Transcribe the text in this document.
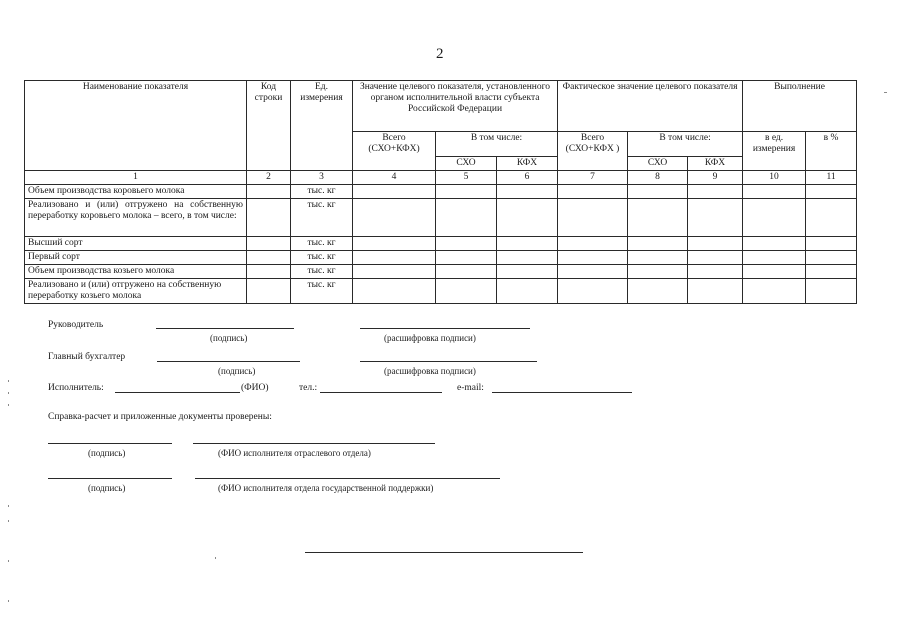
2
Наименование показателя	Код строки	Ед. измерения	Значение целевого показателя, установленного органом исполнительной власти субъекта Российской Федерации			Фактическое значение целевого показателя			Выполнение	
			Всего (СХО+КФХ)	В том числе:		Всего (СХО+КФХ )	В том числе:		в ед. измерения	в %
				СХО	КФХ		СХО	КФХ		
1	2	3	4	5	6	7	8	9	10	11
Объем производства коровьего молока		тыс. кг								
Реализовано и (или) отгружено на собственную переработку коровьего молока – всего, в том числе:		тыс. кг								
Высший сорт		тыс. кг								
Первый сорт		тыс. кг								
Объем производства козьего молока		тыс. кг								
Реализовано и (или) отгружено на собственную переработку козьего молока		тыс. кг								
Руководитель
(подпись)	(расшифровка подписи)
Главный бухгалтер
(подпись)	(расшифровка подписи)
Исполнитель:	(ФИО)	тел.:	e-mail:
Справка-расчет и приложенные документы проверены:
(подпись)	(ФИО исполнителя отраслевого отдела)
(подпись)	(ФИО исполнителя отдела государственной поддержки)
